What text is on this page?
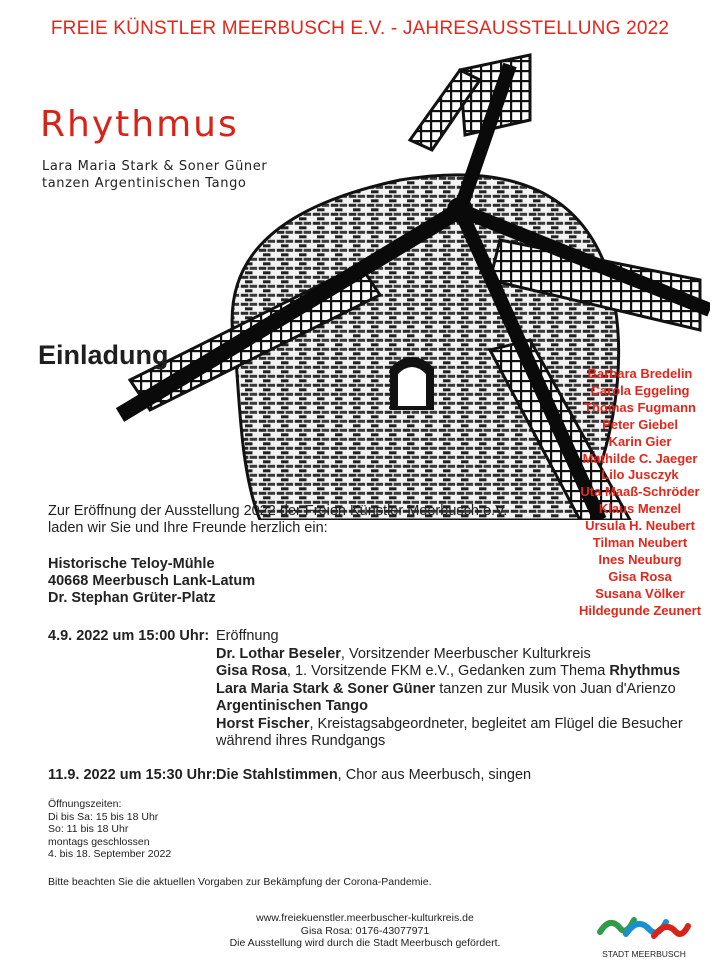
FREIE KÜNSTLER MEERBUSCH E.V. - JAHRESAUSSTELLUNG 2022
Rhythmus
Lara Maria Stark & Soner Güner
tanzen Argentinischen Tango
Einladung
Barbara Bredelin
Carola Eggeling
Thomas Fugmann
Peter Giebel
Karin Gier
Mathilde C. Jaeger
Lilo Jusczyk
Uta Maaß-Schröder
Klaus Menzel
Ursula H. Neubert
Tilman Neubert
Ines Neuburg
Gisa Rosa
Susana Völker
Hildegunde Zeunert
Zur Eröffnung der Ausstellung 2022 der Freien Künstler Meerbusch e.V.
laden wir Sie und Ihre Freunde herzlich ein:
Historische Teloy-Mühle
40668 Meerbusch Lank-Latum
Dr. Stephan Grüter-Platz
4.9. 2022 um 15:00 Uhr: Eröffnung
Dr. Lothar Beseler, Vorsitzender Meerbuscher Kulturkreis
Gisa Rosa, 1. Vorsitzende FKM e.V., Gedanken zum Thema Rhythmus
Lara Maria Stark & Soner Güner tanzen zur Musik von Juan d'Arienzo
Argentinischen Tango
Horst Fischer, Kreistagsabgeordneter, begleitet am Flügel die Besucher
während ihres Rundgangs
11.9. 2022 um 15:30 Uhr: Die Stahlstimmen, Chor aus Meerbusch, singen
Öffnungszeiten:
Di bis Sa: 15 bis 18 Uhr
So: 11 bis 18 Uhr
montags geschlossen
4. bis 18. September 2022
Bitte beachten Sie die aktuellen Vorgaben zur Bekämpfung der Corona-Pandemie.
www.freiekuenstler.meerbuscher-kulturkreis.de
Gisa Rosa: 0176-43077971
Die Ausstellung wird durch die Stadt Meerbusch gefördert.
STADT MEERBUSCH
